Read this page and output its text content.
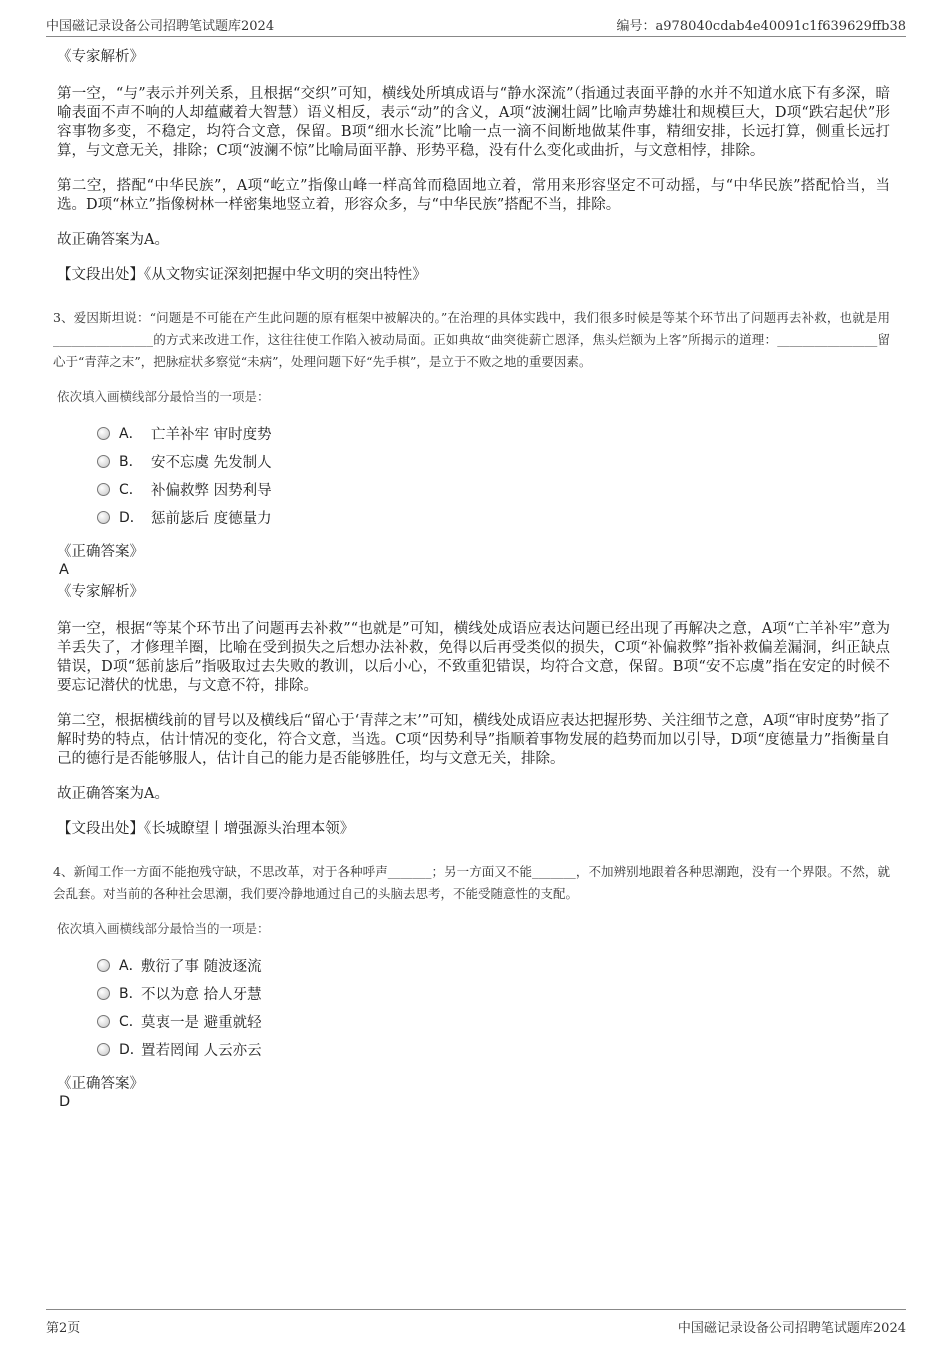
中国磁记录设备公司招聘笔试题库2024	编号：a978040cdab4e40091c1f639629ffb38

《专家解析》

第一空，“与”表示并列关系，且根据“交织”可知，横线处所填成语与“静水深流”（指通过表面平静的水并不知道水底下有多深，暗喻表面不声不响的人却蕴藏着大智慧）语义相反，表示“动”的含义，A项“波澜壮阔”比喻声势雄壮和规模巨大，D项“跌宕起伏”形容事物多变，不稳定，均符合文意，保留。B项“细水长流”比喻一点一滴不间断地做某件事，精细安排，长远打算，侧重长远打算，与文意无关，排除；C项“波澜不惊”比喻局面平静、形势平稳，没有什么变化或曲折，与文意相悖，排除。

第二空，搭配“中华民族”，A项“屹立”指像山峰一样高耸而稳固地立着，常用来形容坚定不可动摇，与“中华民族”搭配恰当，当选。D项“林立”指像树林一样密集地竖立着，形容众多，与“中华民族”搭配不当，排除。

故正确答案为A。

【文段出处】《从文物实证深刻把握中华文明的突出特性》

3、爱因斯坦说：“问题是不可能在产生此问题的原有框架中被解决的。”在治理的具体实践中，我们很多时候是等某个环节出了问题再去补救，也就是用 ________________的方式来改进工作，这往往使工作陷入被动局面。正如典故“曲突徙薪亡恩泽，焦头烂额为上客”所揭示的道理：________________留心于“青萍之末”，把脉症状多察觉“未病”，处理问题下好“先手棋”，是立于不败之地的重要因素。

依次填入画横线部分最恰当的一项是：

A． 亡羊补牢 审时度势
B． 安不忘虞 先发制人
C． 补偏救弊 因势利导
D． 惩前毖后 度德量力

《正确答案》

A

《专家解析》

第一空，根据“等某个环节出了问题再去补救”“也就是”可知，横线处成语应表达问题已经出现了再解决之意，A项“亡羊补牢”意为羊丢失了，才修理羊圈，比喻在受到损失之后想办法补救，免得以后再受类似的损失，C项“补偏救弊”指补救偏差漏洞，纠正缺点错误，D项“惩前毖后”指吸取过去失败的教训，以后小心，不致重犯错误，均符合文意，保留。B项“安不忘虞”指在安定的时候不要忘记潜伏的忧患，与文意不符，排除。

第二空，根据横线前的冒号以及横线后“留心于‘青萍之末’”可知，横线处成语应表达把握形势、关注细节之意，A项“审时度势”指了解时势的特点，估计情况的变化，符合文意，当选。C项“因势利导”指顺着事物发展的趋势而加以引导，D项“度德量力”指衡量自己的德行是否能够服人，估计自己的能力是否能够胜任，均与文意无关，排除。

故正确答案为A。

【文段出处】《长城瞭望丨增强源头治理本领》

4、新闻工作一方面不能抱残守缺，不思改革，对于各种呼声_______；另一方面又不能_______，不加辨别地跟着各种思潮跑，没有一个界限。不然，就会乱套。对当前的各种社会思潮，我们要冷静地通过自己的头脑去思考，不能受随意性的支配。

依次填入画横线部分最恰当的一项是：

A．
敷衍了事 随波逐流
B．
不以为意 拾人牙慧
C．
莫衷一是 避重就轻
D．
置若罔闻 人云亦云

《正确答案》

D

第2页	中国磁记录设备公司招聘笔试题库2024
